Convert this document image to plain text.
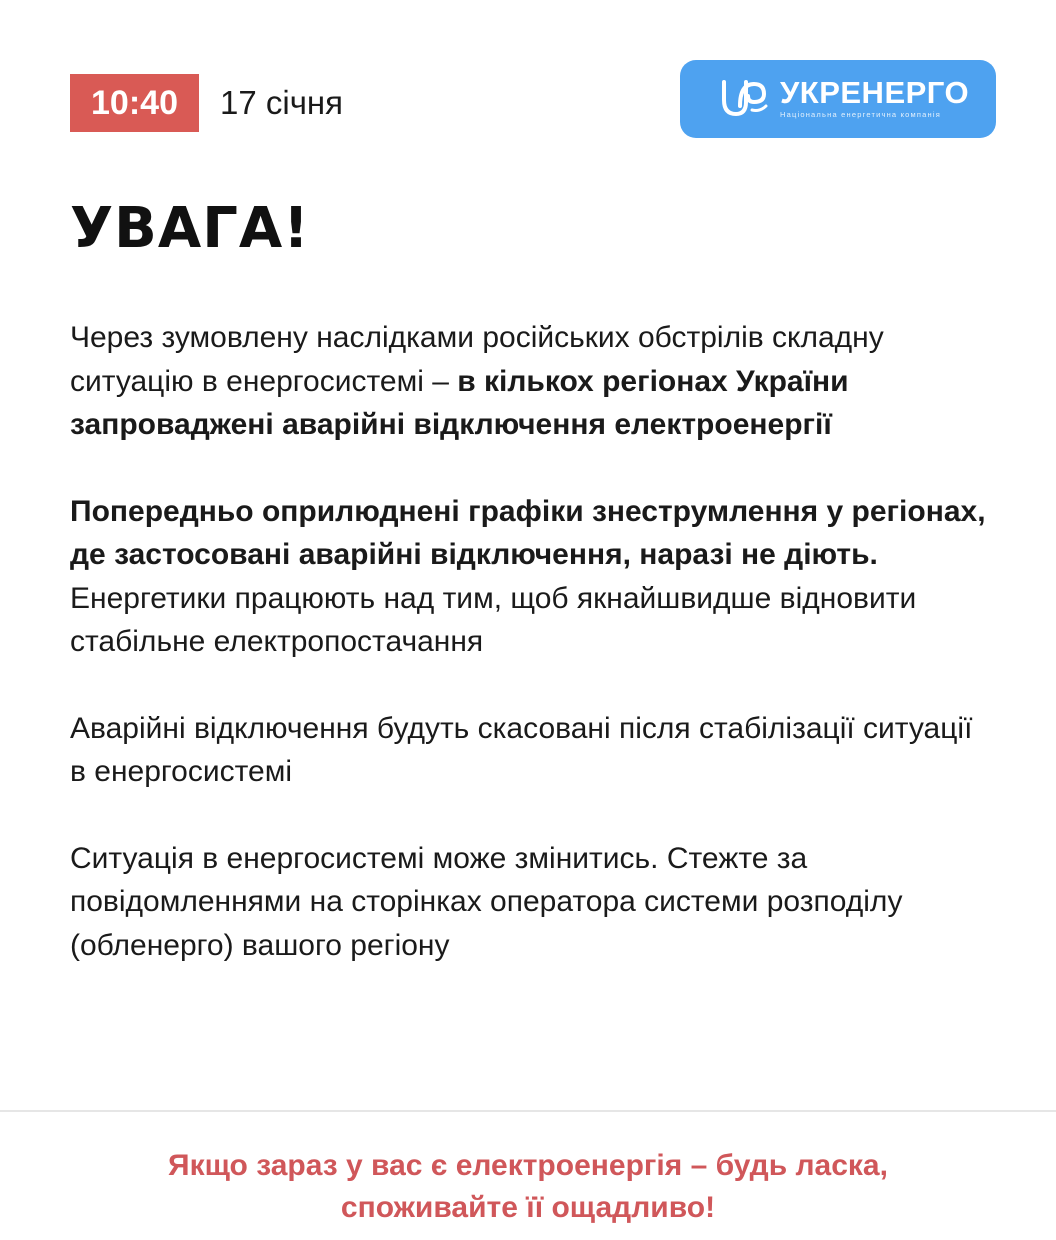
10:40	17 січня	УКРЕНЕРГО
Національна енергетична компанія
УВАГА!

Через зумовлену наслідками російських обстрілів складну ситуацію в енергосистемі – в кількох регіонах України запроваджені аварійні відключення електроенергії

Попередньо оприлюднені графіки знеструмлення у регіонах, де застосовані аварійні відключення, наразі не діють. Енергетики працюють над тим, щоб якнайшвидше відновити стабільне електропостачання

Аварійні відключення будуть скасовані після стабілізації ситуації в енергосистемі

Ситуація в енергосистемі може змінитись. Стежте за повідомленнями на сторінках оператора системи розподілу (обленерго) вашого регіону

Якщо зараз у вас є електроенергія – будь ласка,
споживайте її ощадливо!
